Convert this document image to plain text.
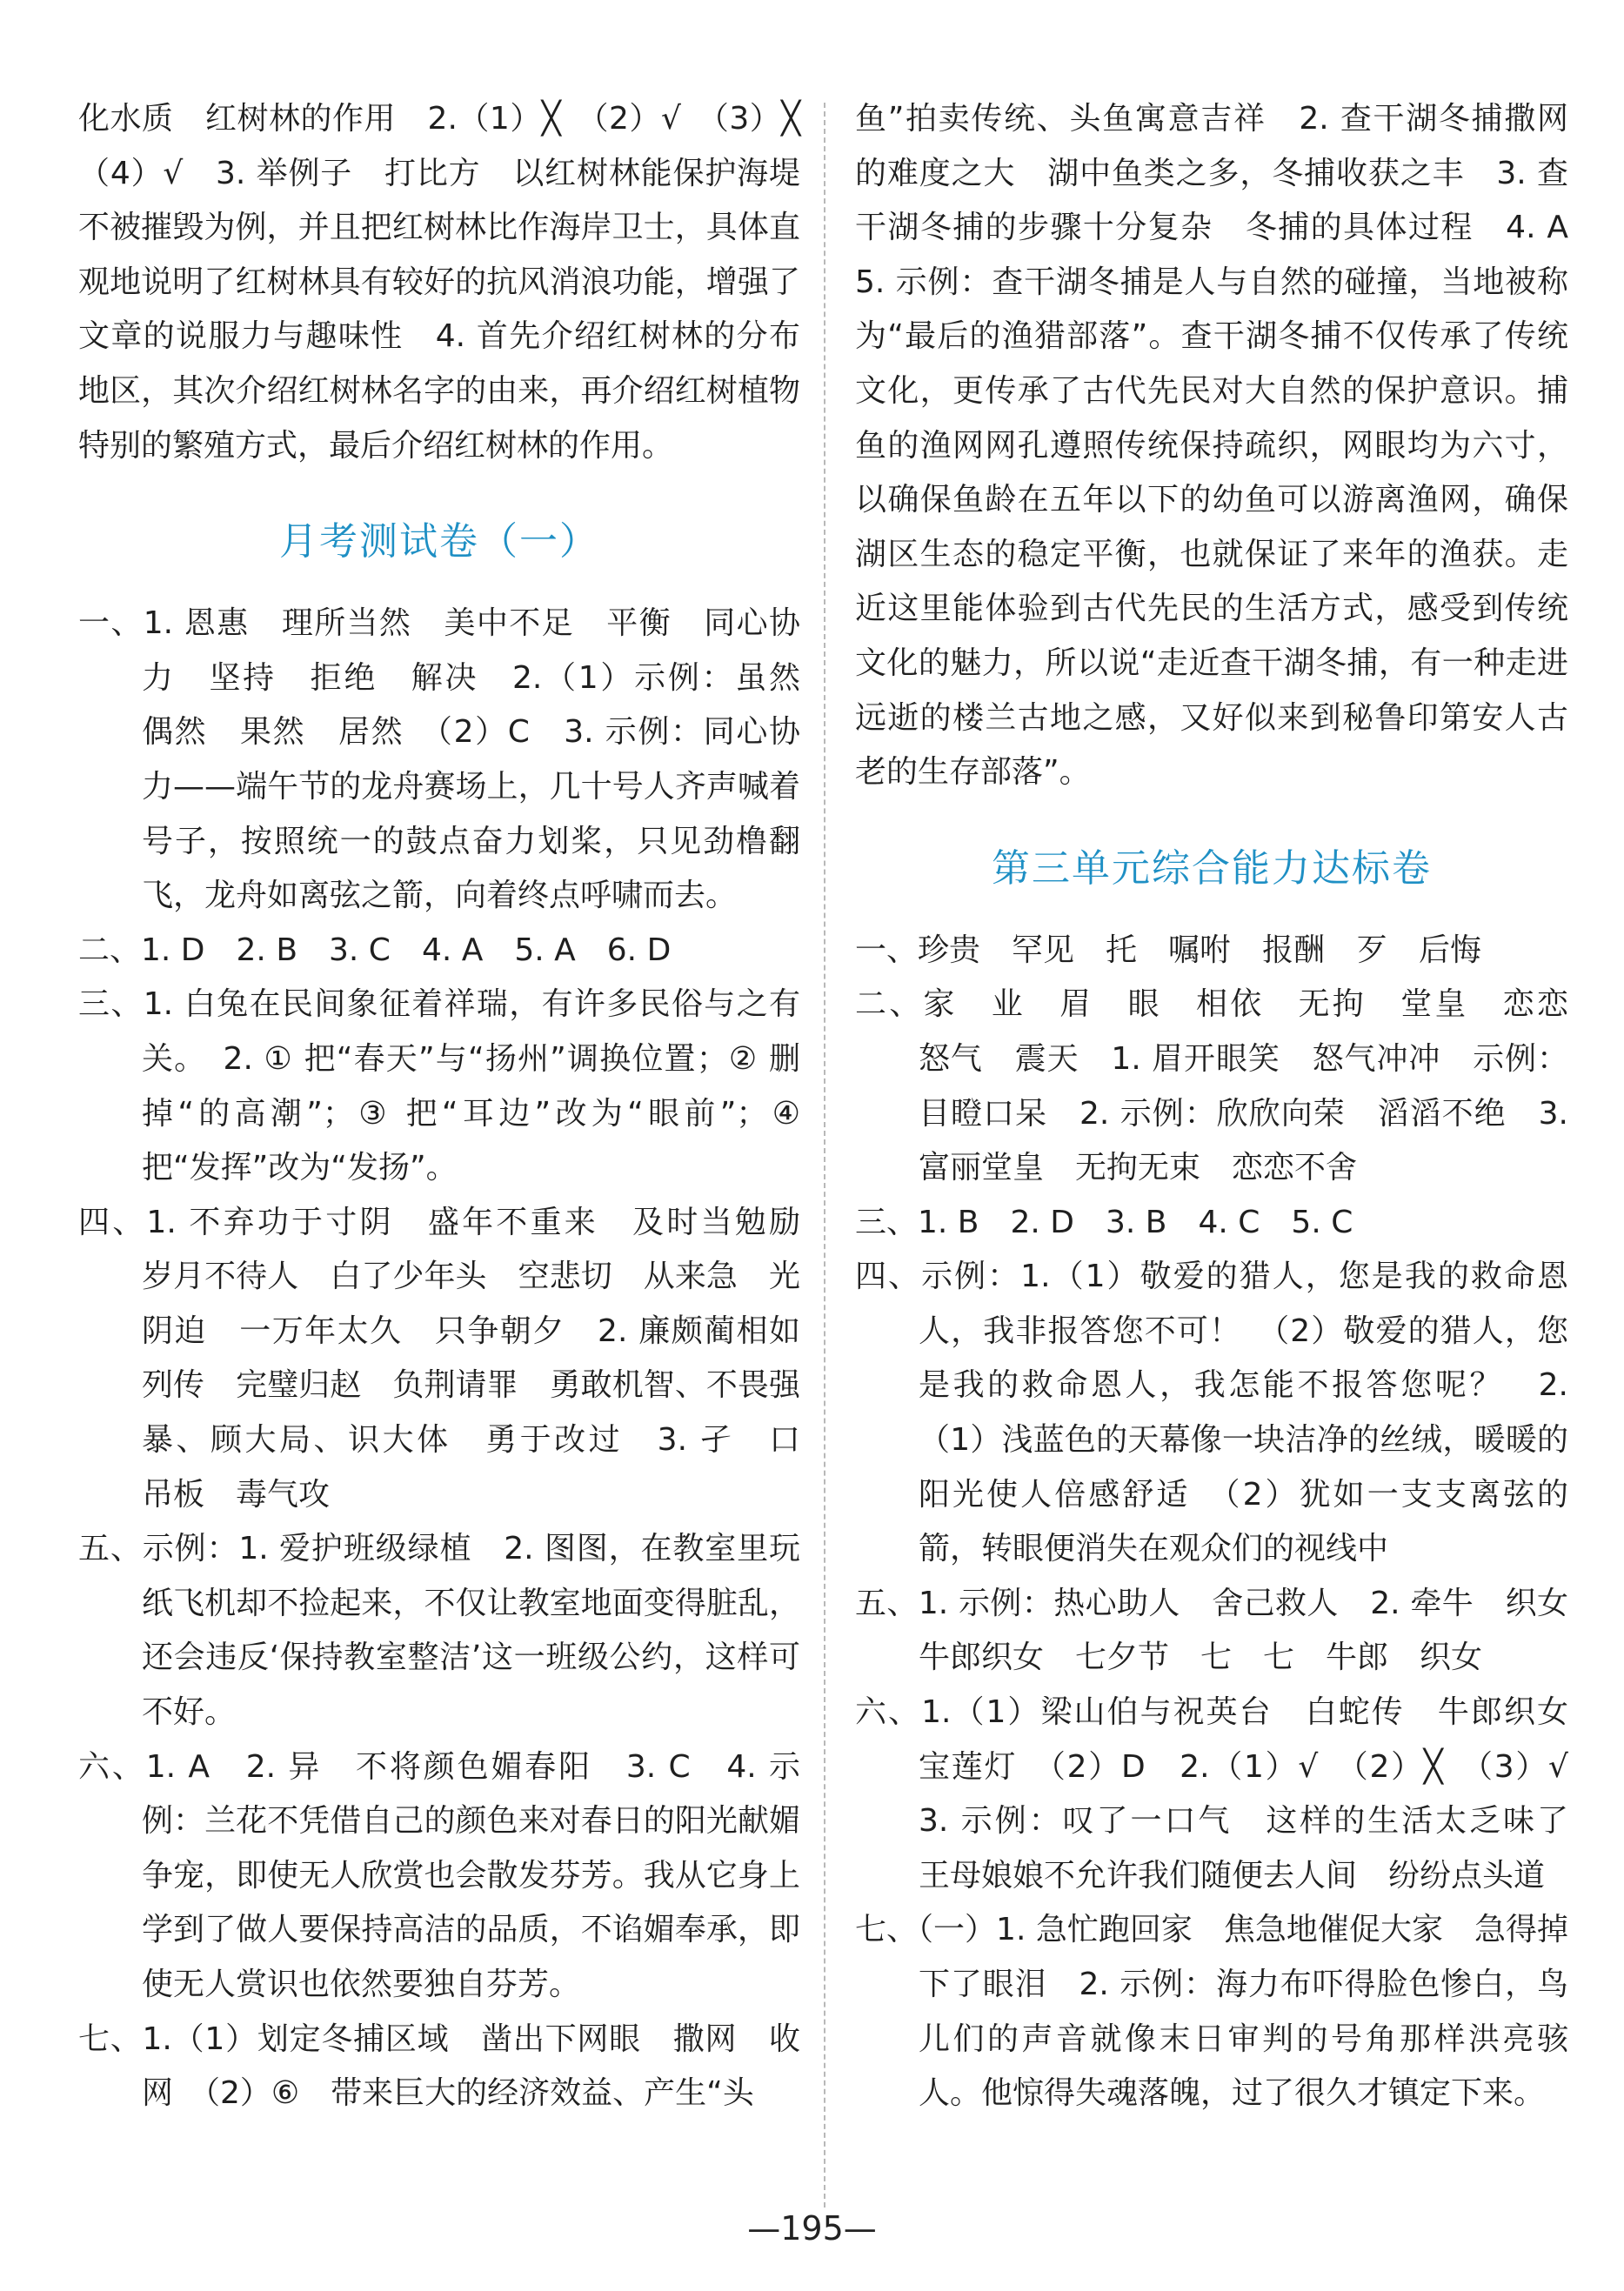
化水质　红树林的作用　2.（1）╳　（2）√　（3）╳　（4）√　3. 举例子　打比方　以红树林能保护海堤不被摧毁为例，并且把红树林比作海岸卫士，具体直观地说明了红树林具有较好的抗风消浪功能，增强了文章的说服力与趣味性　4. 首先介绍红树林的分布地区，其次介绍红树林名字的由来，再介绍红树植物特别的繁殖方式，最后介绍红树林的作用。

月考测试卷（一）

一、1. 恩惠　理所当然　美中不足　平衡　同心协力　坚持　拒绝　解决　2.（1）示例：虽然　偶然　果然　居然　（2）C　3. 示例：同心协力——端午节的龙舟赛场上，几十号人齐声喊着号子，按照统一的鼓点奋力划桨，只见劲橹翻飞，龙舟如离弦之箭，向着终点呼啸而去。

二、1. D　2. B　3. C　4. A　5. A　6. D

三、1. 白兔在民间象征着祥瑞，有许多民俗与之有关。　2. ① 把“春天”与“扬州”调换位置；② 删掉“的高潮”；③ 把“耳边”改为“眼前”；④ 把“发挥”改为“发扬”。

四、1. 不弃功于寸阴　盛年不重来　及时当勉励　岁月不待人　白了少年头　空悲切　从来急　光阴迫　一万年太久　只争朝夕　2. 廉颇蔺相如列传　完璧归赵　负荆请罪　勇敢机智、不畏强暴、顾大局、识大体　勇于改过　3. 孑　口　吊板　毒气攻

五、示例：1. 爱护班级绿植　2. 图图，在教室里玩纸飞机却不捡起来，不仅让教室地面变得脏乱，还会违反‘保持教室整洁’这一班级公约，这样可不好。

六、1. A　2. 异　不将颜色媚春阳　3. C　4. 示例：兰花不凭借自己的颜色来对春日的阳光献媚争宠，即使无人欣赏也会散发芬芳。我从它身上学到了做人要保持高洁的品质，不谄媚奉承，即使无人赏识也依然要独自芬芳。

七、1.（1）划定冬捕区域　凿出下网眼　撒网　收网　（2）⑥　带来巨大的经济效益、产生“头

鱼”拍卖传统、头鱼寓意吉祥　2. 查干湖冬捕撒网的难度之大　湖中鱼类之多，冬捕收获之丰　3. 查干湖冬捕的步骤十分复杂　冬捕的具体过程　4. A　5. 示例：查干湖冬捕是人与自然的碰撞，当地被称为“最后的渔猎部落”。查干湖冬捕不仅传承了传统文化，更传承了古代先民对大自然的保护意识。捕鱼的渔网网孔遵照传统保持疏织，网眼均为六寸，以确保鱼龄在五年以下的幼鱼可以游离渔网，确保湖区生态的稳定平衡，也就保证了来年的渔获。走近这里能体验到古代先民的生活方式，感受到传统文化的魅力，所以说“走近查干湖冬捕，有一种走进远逝的楼兰古地之感，又好似来到秘鲁印第安人古老的生存部落”。

第三单元综合能力达标卷

一、珍贵　罕见　托　嘱咐　报酬　歹　后悔

二、家　业　眉　眼　相依　无拘　堂皇　恋恋　怒气　震天　1. 眉开眼笑　怒气冲冲　示例：目瞪口呆　2. 示例：欣欣向荣　滔滔不绝　3. 富丽堂皇　无拘无束　恋恋不舍

三、1. B　2. D　3. B　4. C　5. C

四、示例：1.（1）敬爱的猎人，您是我的救命恩人，我非报答您不可！　（2）敬爱的猎人，您是我的救命恩人，我怎能不报答您呢？　2.（1）浅蓝色的天幕像一块洁净的丝绒，暖暖的阳光使人倍感舒适　（2）犹如一支支离弦的箭，转眼便消失在观众们的视线中

五、1. 示例：热心助人　舍己救人　2. 牵牛　织女　牛郎织女　七夕节　七　七　牛郎　织女

六、1.（1）梁山伯与祝英台　白蛇传　牛郎织女　宝莲灯　（2）D　2.（1）√　（2）╳　（3）√　3. 示例：叹了一口气　这样的生活太乏味了　王母娘娘不允许我们随便去人间　纷纷点头道

七、（一）1. 急忙跑回家　焦急地催促大家　急得掉下了眼泪　2. 示例：海力布吓得脸色惨白，鸟儿们的声音就像末日审判的号角那样洪亮骇人。他惊得失魂落魄，过了很久才镇定下来。

—195—
